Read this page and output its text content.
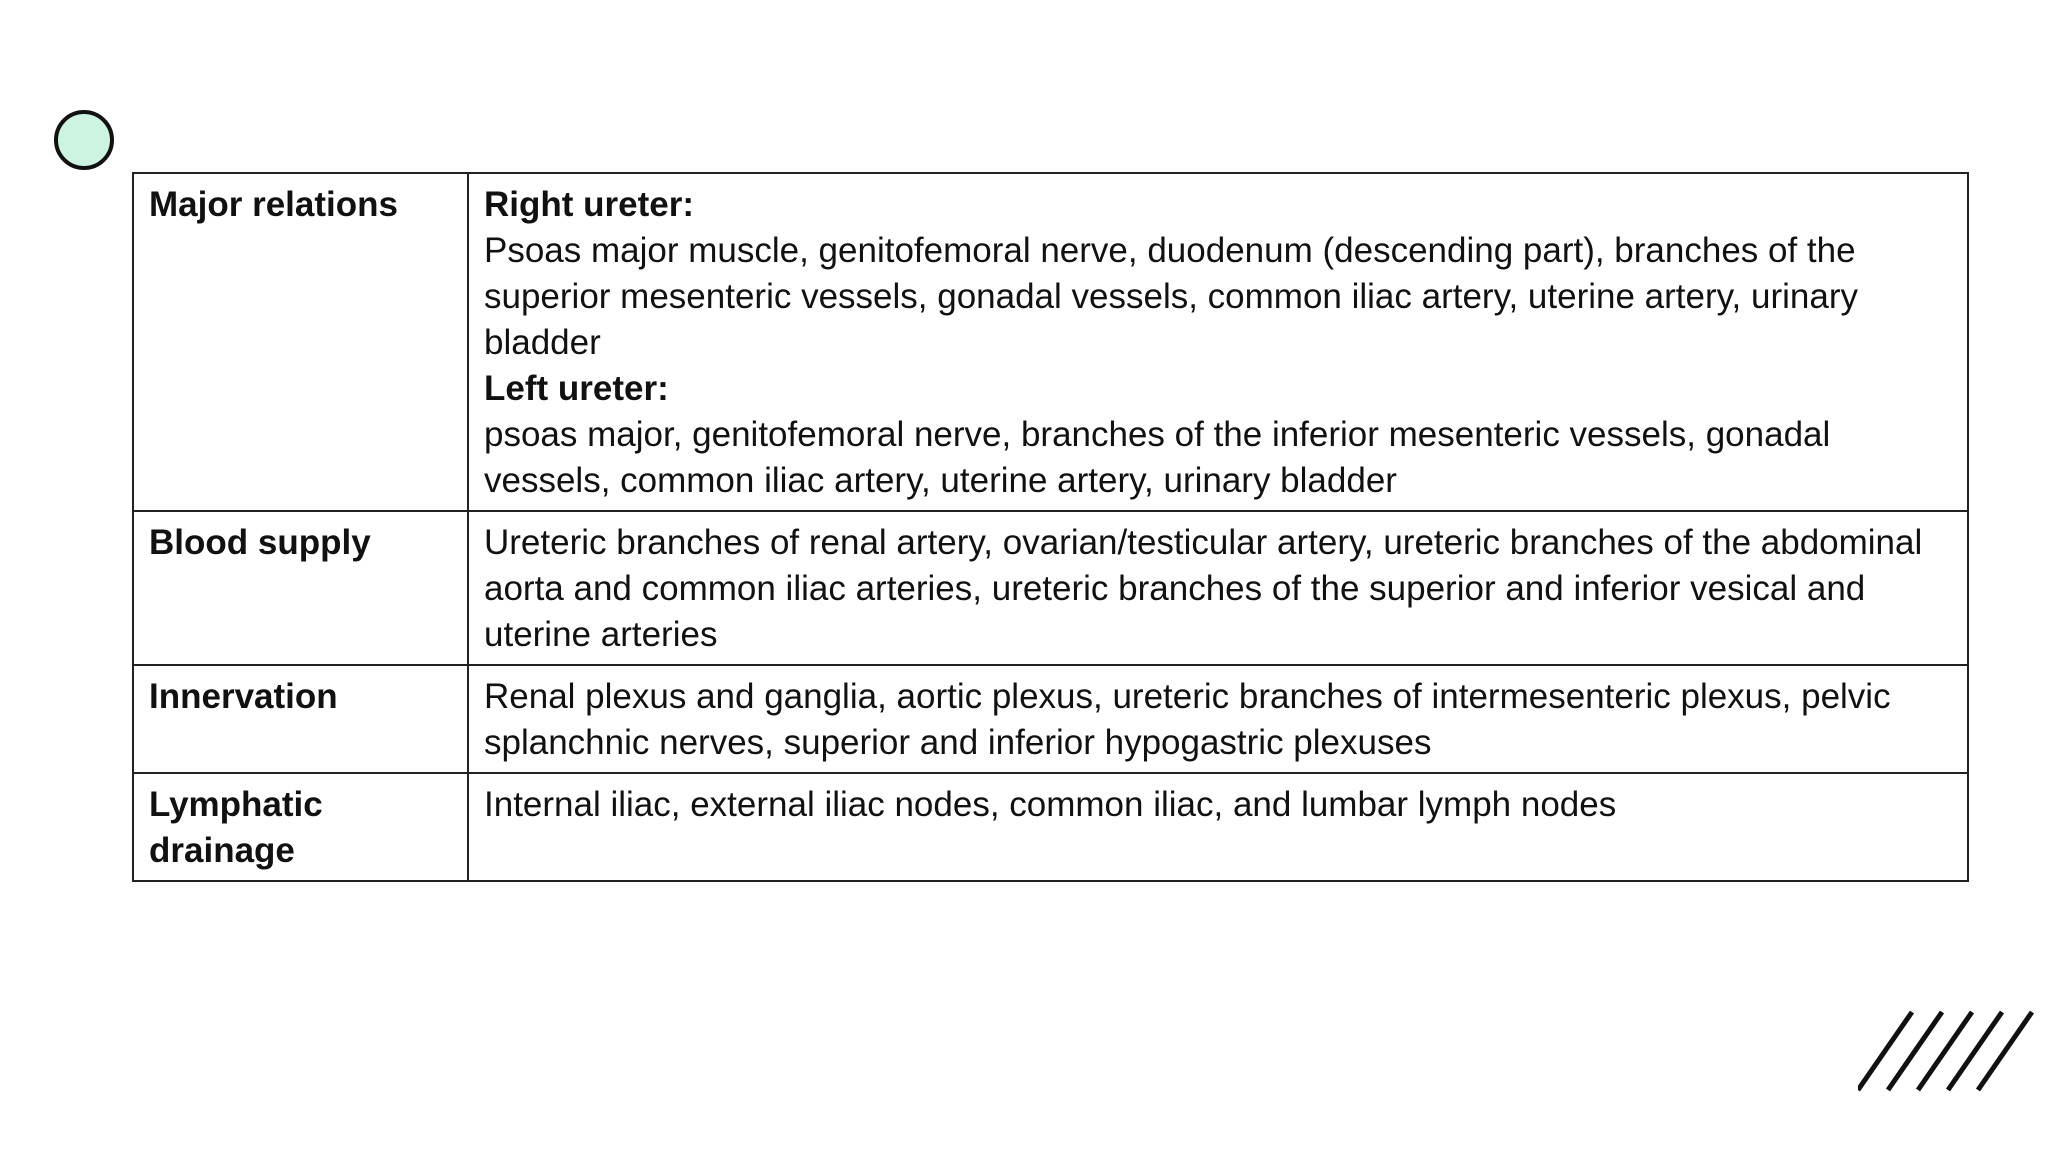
Major relations	Right ureter:
Psoas major muscle, genitofemoral nerve, duodenum (descending part), branches of the superior mesenteric vessels, gonadal vessels, common iliac artery, uterine artery, urinary bladder
Left ureter:
psoas major, genitofemoral nerve, branches of the inferior mesenteric vessels, gonadal vessels, common iliac artery, uterine artery, urinary bladder

Blood supply	Ureteric branches of renal artery, ovarian/testicular artery, ureteric branches of the abdominal aorta and common iliac arteries, ureteric branches of the superior and inferior vesical and uterine arteries
Innervation	Renal plexus and ganglia, aortic plexus, ureteric branches of intermesenteric plexus, pelvic splanchnic nerves, superior and inferior hypogastric plexuses
Lymphatic drainage	Internal iliac, external iliac nodes, common iliac, and lumbar lymph nodes
